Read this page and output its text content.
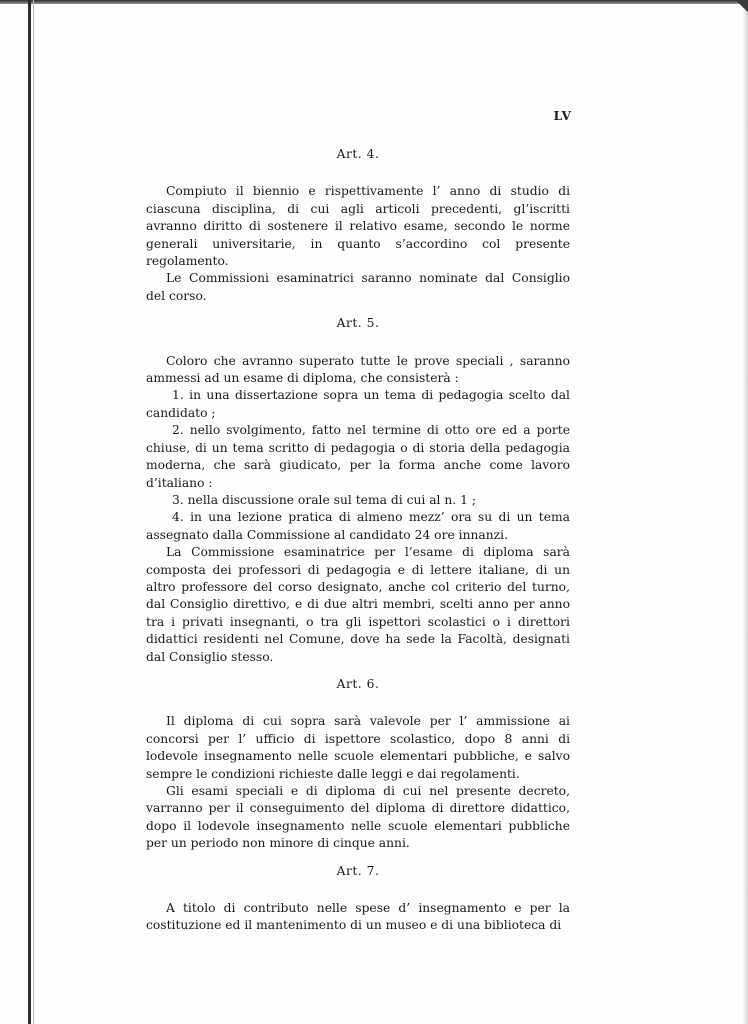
LV
Art. 4.

Compiuto il biennio e rispettivamente l’ anno di studio di ciascuna disciplina, di cui agli articoli precedenti, gl’iscritti avranno diritto di sostenere il relativo esame, secondo le norme generali universitarie, in quanto s’accordino col presente regolamento.

Le Commissioni esaminatrici saranno nominate dal Consiglio del corso.

Art. 5.

Coloro che avranno superato tutte le prove speciali , saranno ammessi ad un esame di diploma, che consisterà :

1. in una dissertazione sopra un tema di pedagogia scelto dal candidato ;

2. nello svolgimento, fatto nel termine di otto ore ed a porte chiuse, di un tema scritto di pedagogia o di storia della pedagogia moderna, che sarà giudicato, per la forma anche come lavoro d’italiano :

3. nella discussione orale sul tema di cui al n. 1 ;

4. in una lezione pratica di almeno mezz’ ora su di un tema assegnato dalla Commissione al candidato 24 ore innanzi.

La Commissione esaminatrice per l’esame di diploma sarà composta dei professori di pedagogia e di lettere italiane, di un altro professore del corso designato, anche col criterio del turno, dal Consiglio direttivo, e di due altri membri, scelti anno per anno tra i privati insegnanti, o tra gli ispettori scolastici o i direttori didattici residenti nel Comune, dove ha sede la Facoltà, designati dal Consiglio stesso.

Art. 6.

Il diploma di cui sopra sarà valevole per l’ ammissione ai concorsi per l’ ufficio di ispettore scolastico, dopo 8 anni di lodevole insegnamento nelle scuole elementari pubbliche, e salvo sempre le condizioni richieste dalle leggi e dai regolamenti.

Gli esami speciali e di diploma di cui nel presente decreto, varranno per il conseguimento del diploma di direttore didattico, dopo il lodevole insegnamento nelle scuole elementari pubbliche per un periodo non minore di cinque anni.

Art. 7.

A titolo di contributo nelle spese d’ insegnamento e per la costituzione ed il mantenimento di un museo e di una biblioteca di
